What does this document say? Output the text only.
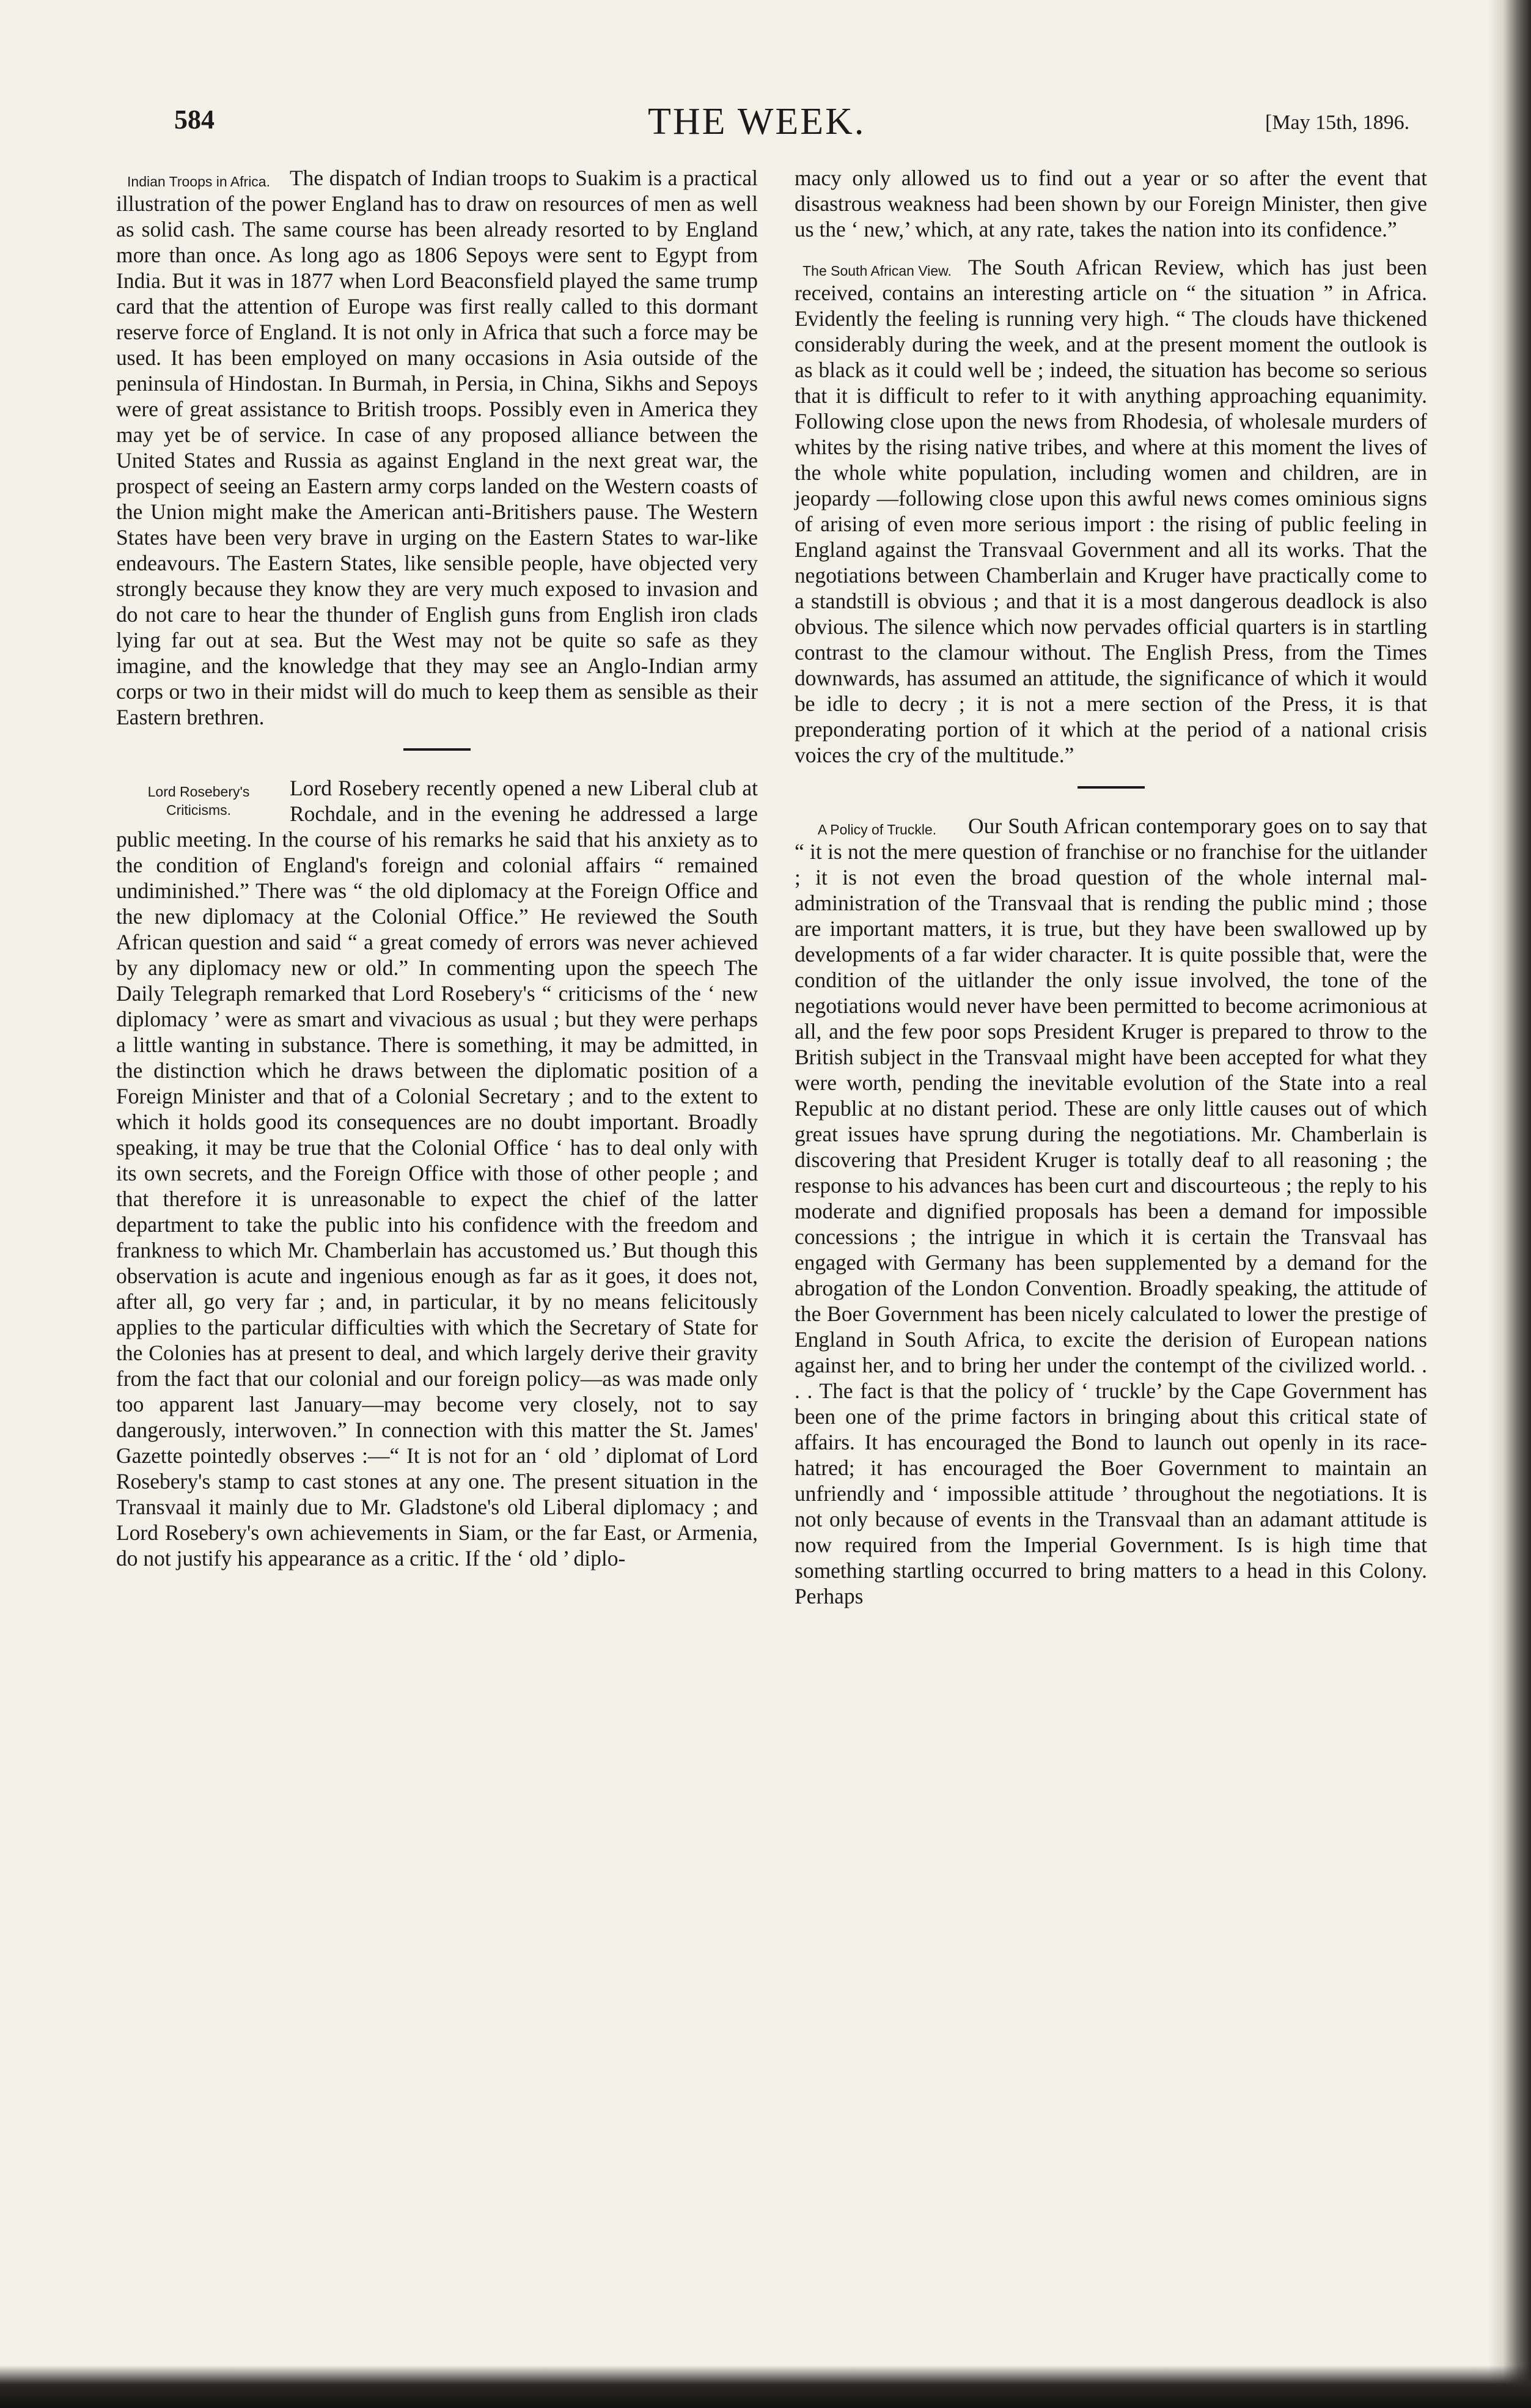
584	THE WEEK.	[May 15th, 1896.
Indian Troops in Africa. The dispatch of Indian troops to Suakim is a practical illustration of the power England has to draw on resources of men as well as solid cash. The same course has been already resorted to by England more than once. As long ago as 1806 Sepoys were sent to Egypt from India. But it was in 1877 when Lord Beaconsfield played the same trump card that the attention of Europe was first really called to this dormant reserve force of England. It is not only in Africa that such a force may be used. It has been employed on many occasions in Asia outside of the peninsula of Hindostan. In Burmah, in Persia, in China, Sikhs and Sepoys were of great assistance to British troops. Possibly even in America they may yet be of service. In case of any proposed alliance between the United States and Russia as against England in the next great war, the prospect of seeing an Eastern army corps landed on the Western coasts of the Union might make the American anti-Britishers pause. The Western States have been very brave in urging on the Eastern States to war-like endeavours. The Eastern States, like sensible people, have objected very strongly because they know they are very much exposed to invasion and do not care to hear the thunder of English guns from English iron clads lying far out at sea. But the West may not be quite so safe as they imagine, and the knowledge that they may see an Anglo-Indian army corps or two in their midst will do much to keep them as sensible as their Eastern brethren.

Lord Rosebery's Criticisms.

Lord Rosebery recently opened a new Liberal club at Rochdale, and in the evening he addressed a large public meeting. In the course of his remarks he said that his anxiety as to the condition of England's foreign and colonial affairs “ remained undiminished.” There was “ the old diplomacy at the Foreign Office and the new diplomacy at the Colonial Office.” He reviewed the South African question and said “ a great comedy of errors was never achieved by any diplomacy new or old.” In commenting upon the speech The Daily Telegraph remarked that Lord Rosebery's “ criticisms of the ‘ new diplomacy ’ were as smart and vivacious as usual ; but they were perhaps a little wanting in substance. There is something, it may be admitted, in the distinction which he draws between the diplomatic position of a Foreign Minister and that of a Colonial Secretary ; and to the extent to which it holds good its consequences are no doubt important. Broadly speaking, it may be true that the Colonial Office ‘ has to deal only with its own secrets, and the Foreign Office with those of other people ; and that therefore it is unreasonable to expect the chief of the latter department to take the public into his confidence with the freedom and frankness to which Mr. Chamberlain has accustomed us.’ But though this observation is acute and ingenious enough as far as it goes, it does not, after all, go very far ; and, in particular, it by no means felicitously applies to the particular difficulties with which the Secretary of State for the Colonies has at present to deal, and which largely derive their gravity from the fact that our colonial and our foreign policy—as was made only too apparent last January—may become very closely, not to say dangerously, interwoven.” In connection with this matter the St. James' Gazette pointedly observes :—“ It is not for an ‘ old ’ diplomat of Lord Rosebery's stamp to cast stones at any one. The present situation in the Transvaal it mainly due to Mr. Gladstone's old Liberal diplomacy ; and Lord Rosebery's own achievements in Siam, or the far East, or Armenia, do not justify his appearance as a critic. If the ‘ old ’ diplo-

macy only allowed us to find out a year or so after the event that disastrous weakness had been shown by our Foreign Minister, then give us the ‘ new,’ which, at any rate, takes the nation into its confidence.”

The South African View. The South African Review, which has just been received, contains an interesting article on “ the situation ” in Africa. Evidently the feeling is running very high. “ The clouds have thickened considerably during the week, and at the present moment the outlook is as black as it could well be ; indeed, the situation has become so serious that it is difficult to refer to it with anything approaching equanimity. Following close upon the news from Rhodesia, of wholesale murders of whites by the rising native tribes, and where at this moment the lives of the whole white population, including women and children, are in jeopardy —following close upon this awful news comes ominious signs of arising of even more serious import : the rising of public feeling in England against the Transvaal Government and all its works. That the negotiations between Chamberlain and Kruger have practically come to a standstill is obvious ; and that it is a most dangerous deadlock is also obvious. The silence which now pervades official quarters is in startling contrast to the clamour without. The English Press, from the Times downwards, has assumed an attitude, the significance of which it would be idle to decry ; it is not a mere section of the Press, it is that preponderating portion of it which at the period of a national crisis voices the cry of the multitude.”

A Policy of Truckle.	Our South African contemporary goes on to say that “ it is not the mere question of franchise or no franchise for the uitlander ; it is not even the broad question of the whole internal mal-administration of the Transvaal that is rending the public mind ; those are important matters, it is true, but they have been swallowed up by developments of a far wider character. It is quite possible that, were the condition of the uitlander the only issue involved, the tone of the negotiations would never have been permitted to become acrimonious at all, and the few poor sops President Kruger is prepared to throw to the British subject in the Transvaal might have been accepted for what they were worth, pending the inevitable evolution of the State into a real Republic at no distant period. These are only little causes out of which great issues have sprung during the negotiations. Mr. Chamberlain is discovering that President Kruger is totally deaf to all reasoning ; the response to his advances has been curt and discourteous ; the reply to his moderate and dignified proposals has been a demand for impossible concessions ; the intrigue in which it is certain the Transvaal has engaged with Germany has been supplemented by a demand for the abrogation of the London Convention. Broadly speaking, the attitude of the Boer Government has been nicely calculated to lower the prestige of England in South Africa, to excite the derision of European nations against her, and to bring her under the contempt of the civilized world. . . . The fact is that the policy of ‘ truckle’ by the Cape Government has been one of the prime factors in bringing about this critical state of affairs. It has encouraged the Bond to launch out openly in its race-hatred; it has encouraged the Boer Government to maintain an unfriendly and ‘ impossible attitude ’ throughout the negotiations. It is not only because of events in the Transvaal than an adamant attitude is now required from the Imperial Government. Is is high time that something startling occurred to bring matters to a head in this Colony. Perhaps
